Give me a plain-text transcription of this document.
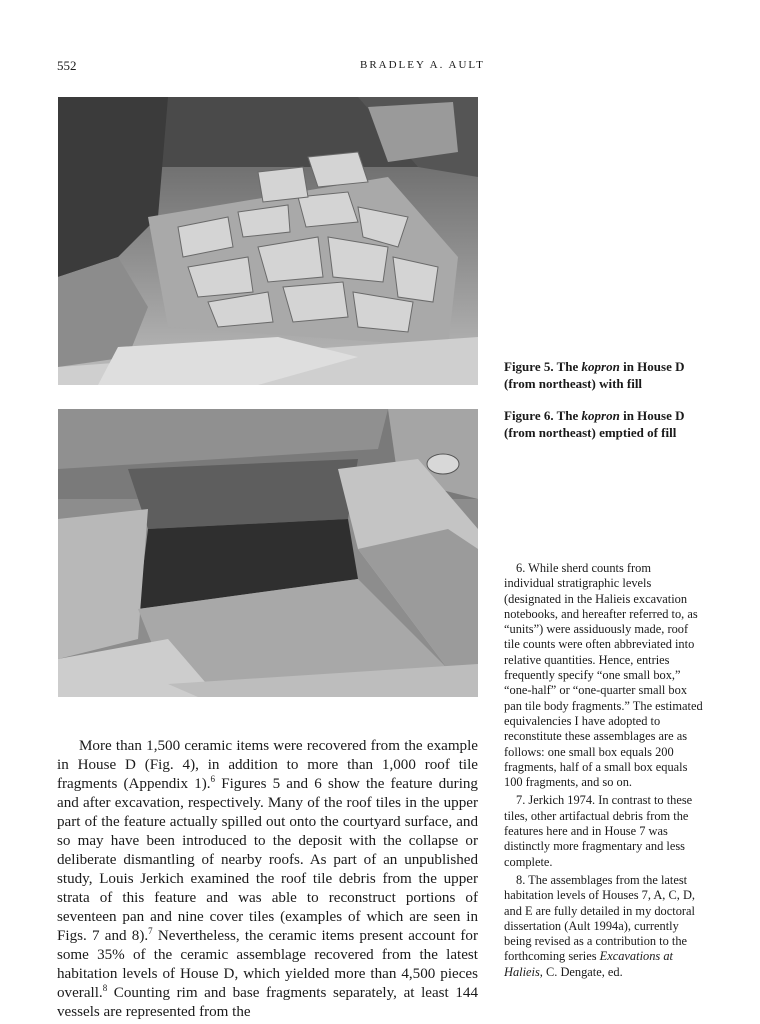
552	BRADLEY A. AULT
Figure 5. The kopron in House D (from northeast) with fill
Figure 6. The kopron in House D (from northeast) emptied of fill

More than 1,500 ceramic items were recovered from the example in House D (Fig. 4), in addition to more than 1,000 roof tile fragments (Appendix 1).$^6$ Figures 5 and 6 show the feature during and after excavation, respectively. Many of the roof tiles in the upper part of the feature actually spilled out onto the courtyard surface, and so may have been introduced to the deposit with the collapse or deliberate dismantling of nearby roofs. As part of an unpublished study, Louis Jerkich examined the roof tile debris from the upper strata of this feature and was able to reconstruct portions of seventeen pan and nine cover tiles (examples of which are seen in Figs. 7 and 8).$^7$ Nevertheless, the ceramic items present account for some 35% of the ceramic assemblage recovered from the latest habitation levels of House D, which yielded more than 4,500 pieces overall.$^8$ Counting rim and base fragments separately, at least 144 vessels are represented from the

6. While sherd counts from individual stratigraphic levels (designated in the Halieis excavation notebooks, and hereafter referred to, as “units”) were assiduously made, roof tile counts were often abbreviated into relative quantities. Hence, entries frequently specify “one small box,” “one-half” or “one-quarter small box pan tile body fragments.” The estimated equivalencies I have adopted to reconstitute these assemblages are as follows: one small box equals 200 fragments, half of a small box equals 100 fragments, and so on.

7. Jerkich 1974. In contrast to these tiles, other artifactual debris from the features here and in House 7 was distinctly more fragmentary and less complete.

8. The assemblages from the latest habitation levels of Houses 7, A, C, D, and E are fully detailed in my doctoral dissertation (Ault 1994a), currently being revised as a contribution to the forthcoming series Excavations at Halieis, C. Dengate, ed.
